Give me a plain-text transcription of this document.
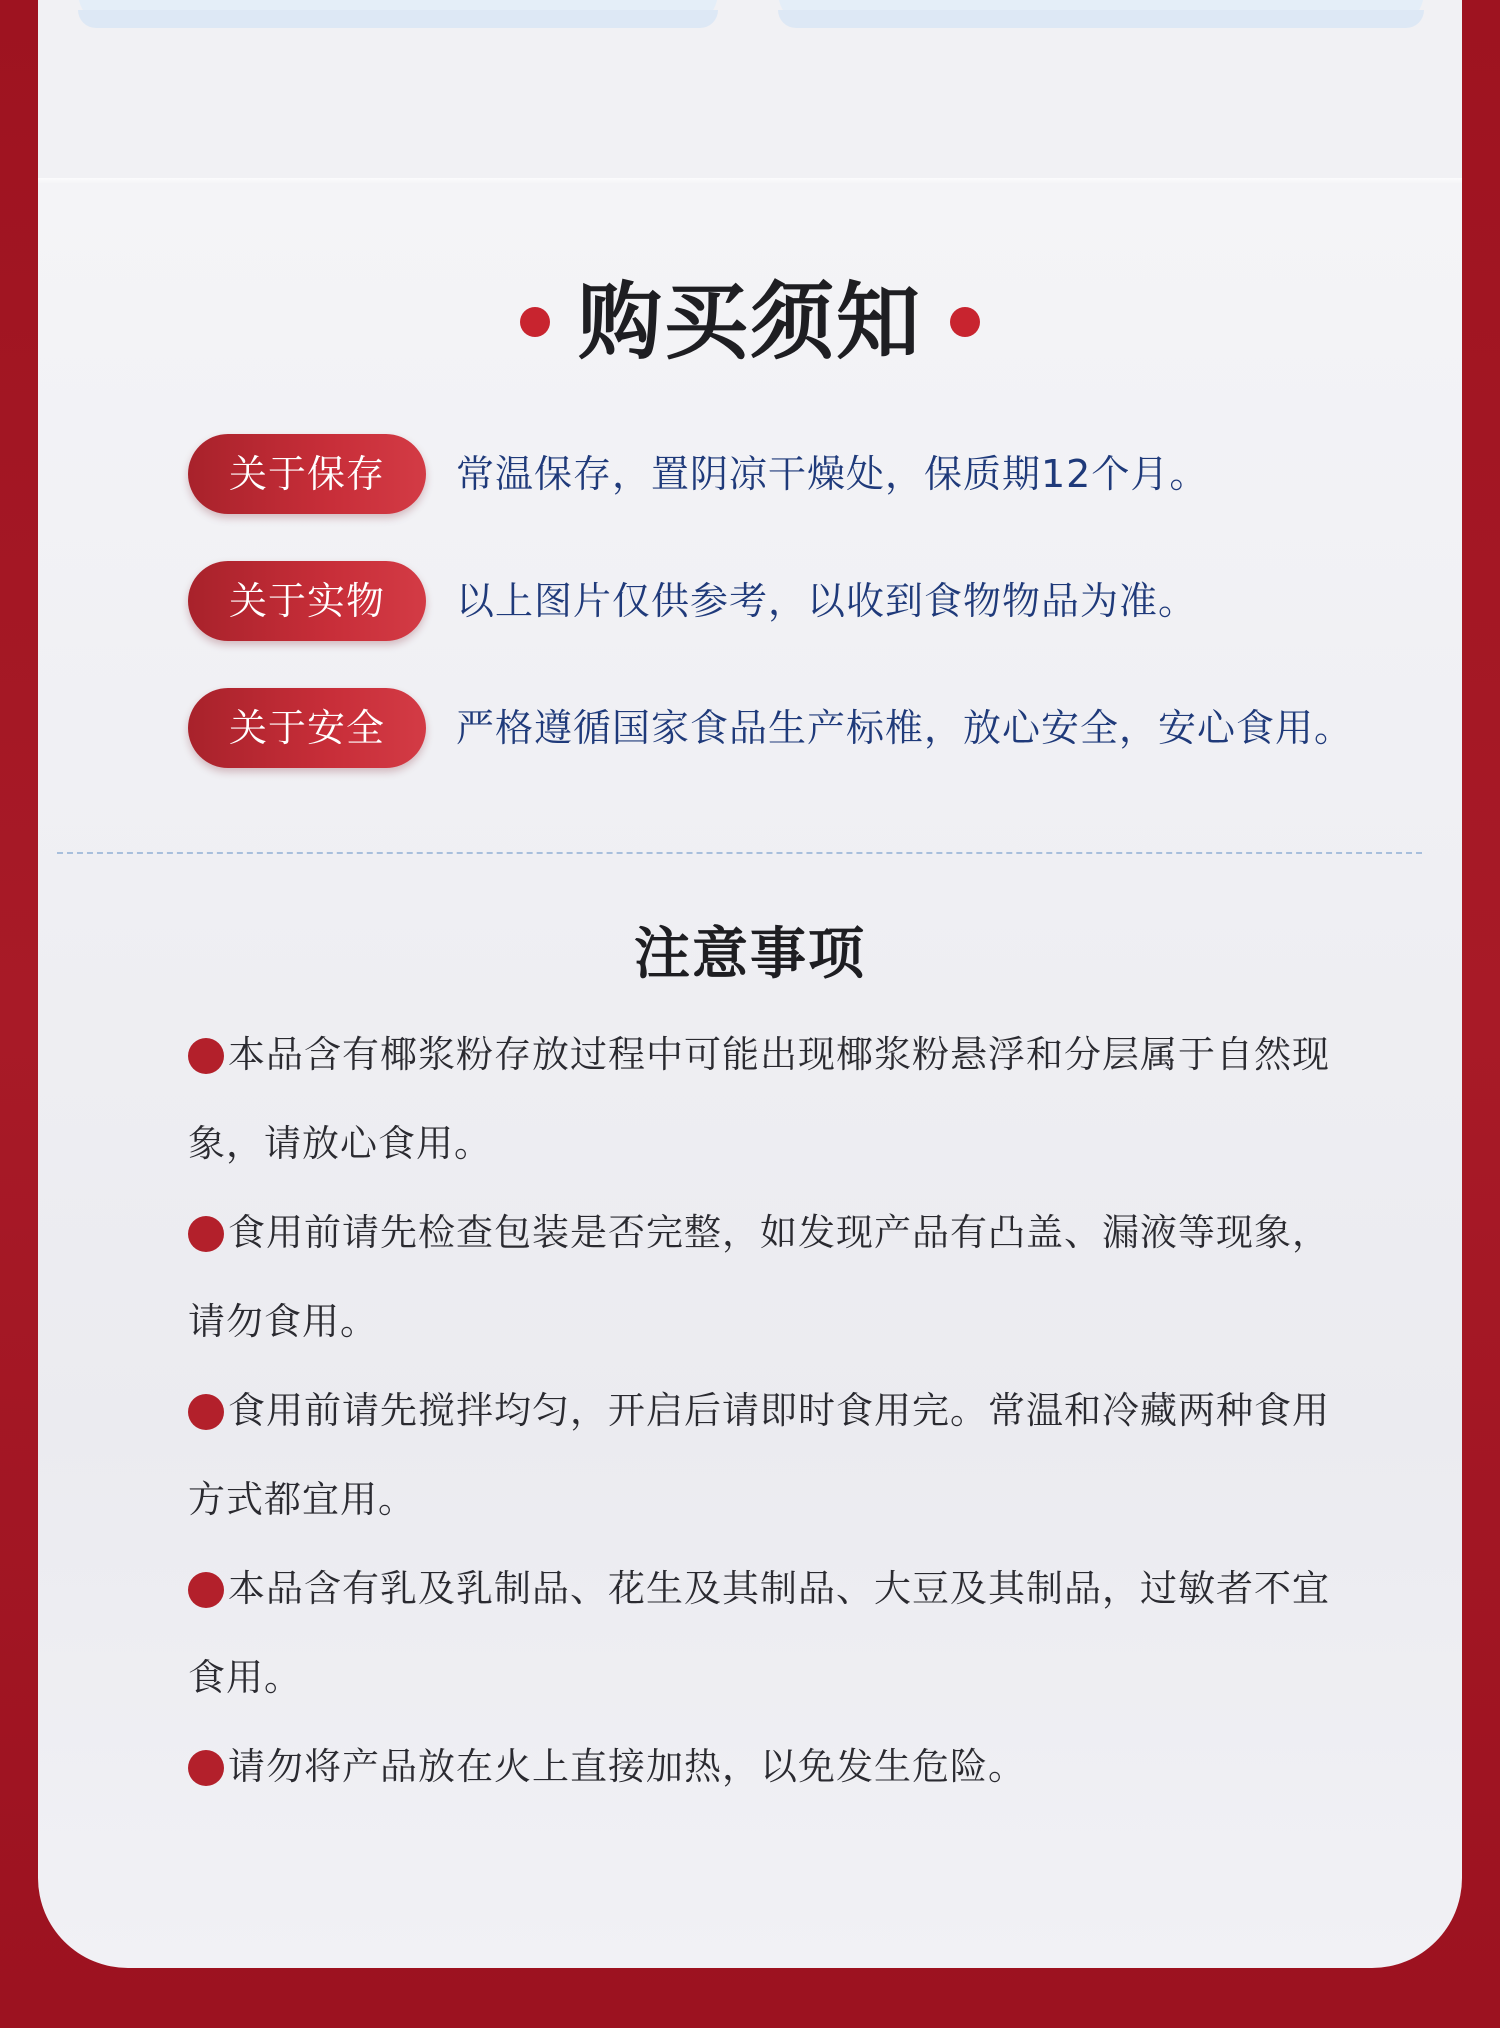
购买须知
关于保存	常温保存，置阴凉干燥处，保质期12个月。
关于实物	以上图片仅供参考，以收到食物物品为准。
关于安全	严格遵循国家食品生产标椎，放心安全，安心食用。
注意事项
本品含有椰浆粉存放过程中可能出现椰浆粉悬浮和分层属于自然现
象，请放心食用。
食用前请先检查包装是否完整，如发现产品有凸盖、漏液等现象，
请勿食用。
食用前请先搅拌均匀，开启后请即时食用完。常温和冷藏两种食用
方式都宜用。
本品含有乳及乳制品、花生及其制品、大豆及其制品，过敏者不宜
食用。
请勿将产品放在火上直接加热，以免发生危险。
